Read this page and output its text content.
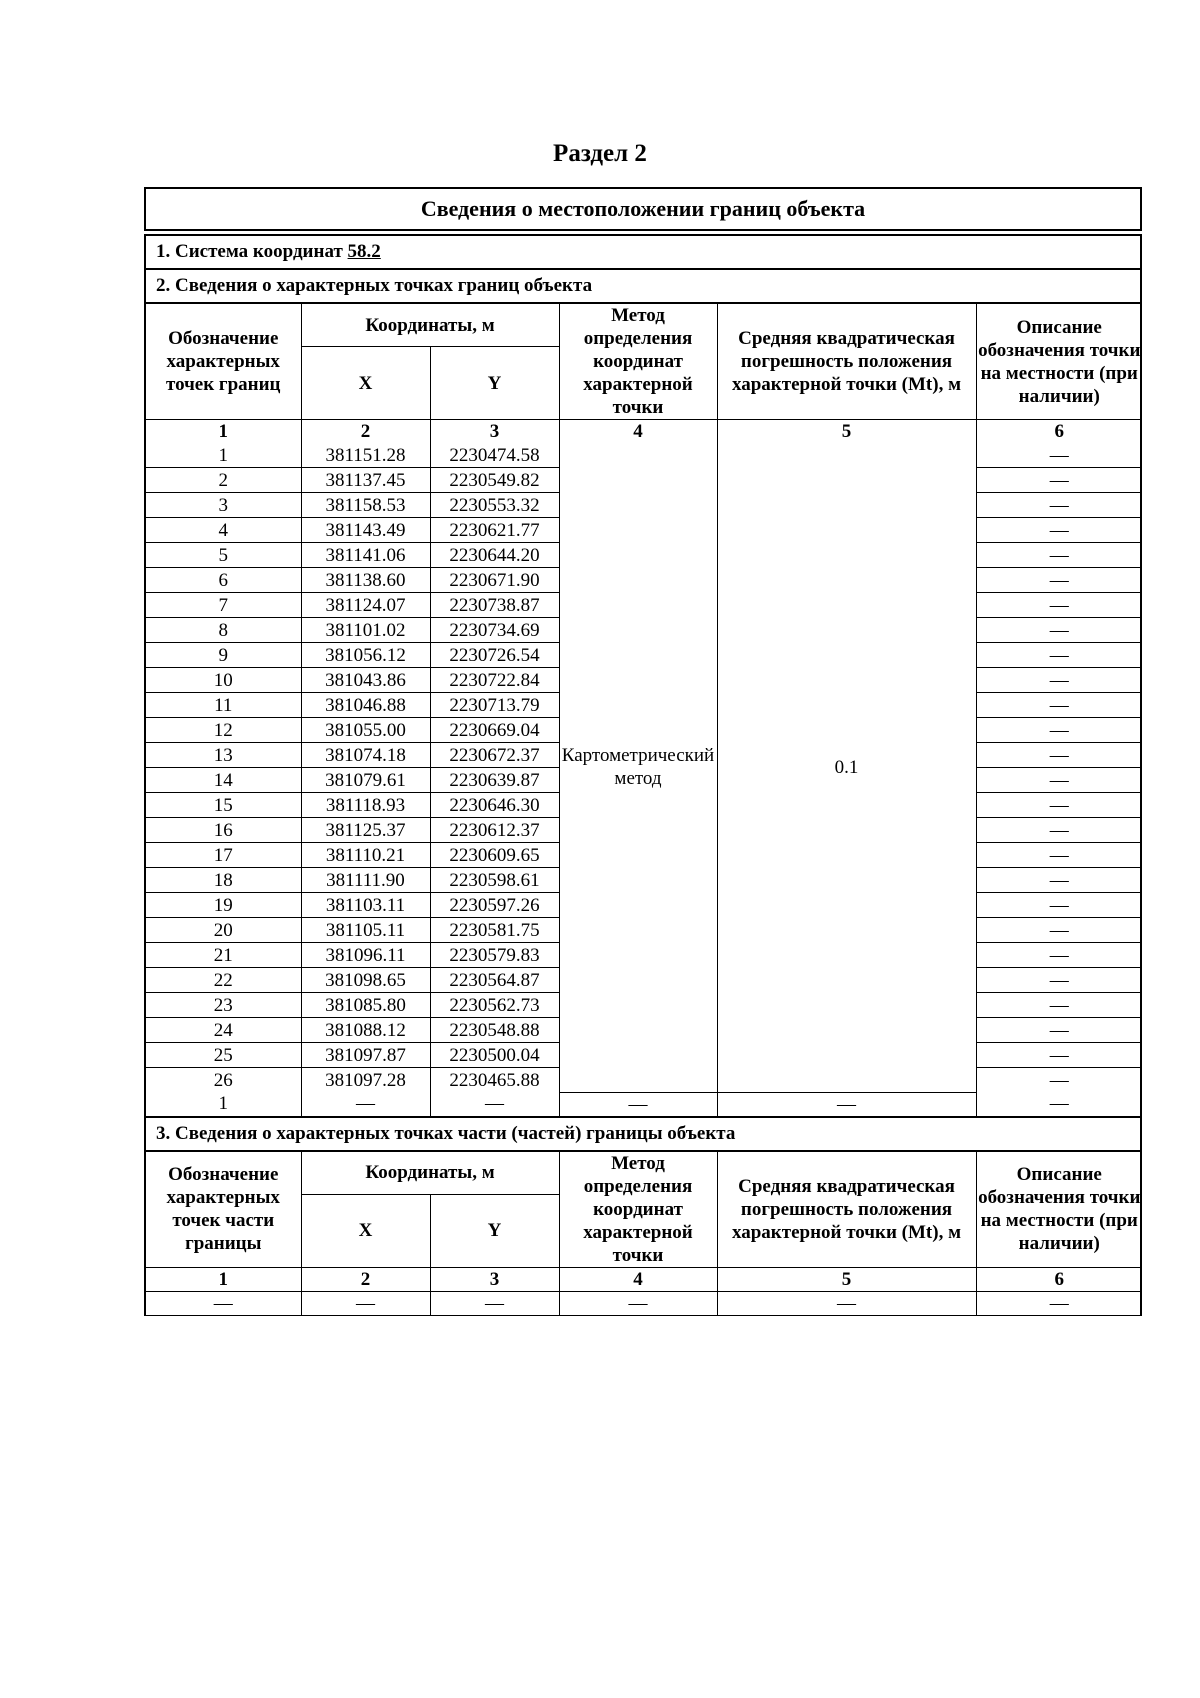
Раздел 2
Сведения о местоположении границ объекта

1. Система координат 58.2
2. Сведения о характерных точках границ объекта

Обозначение характерных точек границ	Координаты, м	Метод определения координат характерной точки	Средняя квадратическая погрешность положения характерной точки (Mt), м	Описание обозначения точки на местности (при наличии)
X	Y
1	2	3	4	5	6
1	381151.28	2230474.58	Картометрический метод	0.1	—
2	381137.45	2230549.82	—
3	381158.53	2230553.32	—
4	381143.49	2230621.77	—
5	381141.06	2230644.20	—
6	381138.60	2230671.90	—
7	381124.07	2230738.87	—
8	381101.02	2230734.69	—
9	381056.12	2230726.54	—
10	381043.86	2230722.84	—
11	381046.88	2230713.79	—
12	381055.00	2230669.04	—
13	381074.18	2230672.37	—
14	381079.61	2230639.87	—
15	381118.93	2230646.30	—
16	381125.37	2230612.37	—
17	381110.21	2230609.65	—
18	381111.90	2230598.61	—
19	381103.11	2230597.26	—
20	381105.11	2230581.75	—
21	381096.11	2230579.83	—
22	381098.65	2230564.87	—
23	381085.80	2230562.73	—
24	381088.12	2230548.88	—
25	381097.87	2230500.04	—
26	381097.28	2230465.88	—
1	—	—	—	—	—

3. Сведения о характерных точках части (частей) границы объекта

Обозначение характерных точек части границы	Координаты, м	Метод определения координат характерной точки	Средняя квадратическая погрешность положения характерной точки (Mt), м	Описание обозначения точки на местности (при наличии)
X	Y
1	2	3	4	5	6
—	—	—	—	—	—
